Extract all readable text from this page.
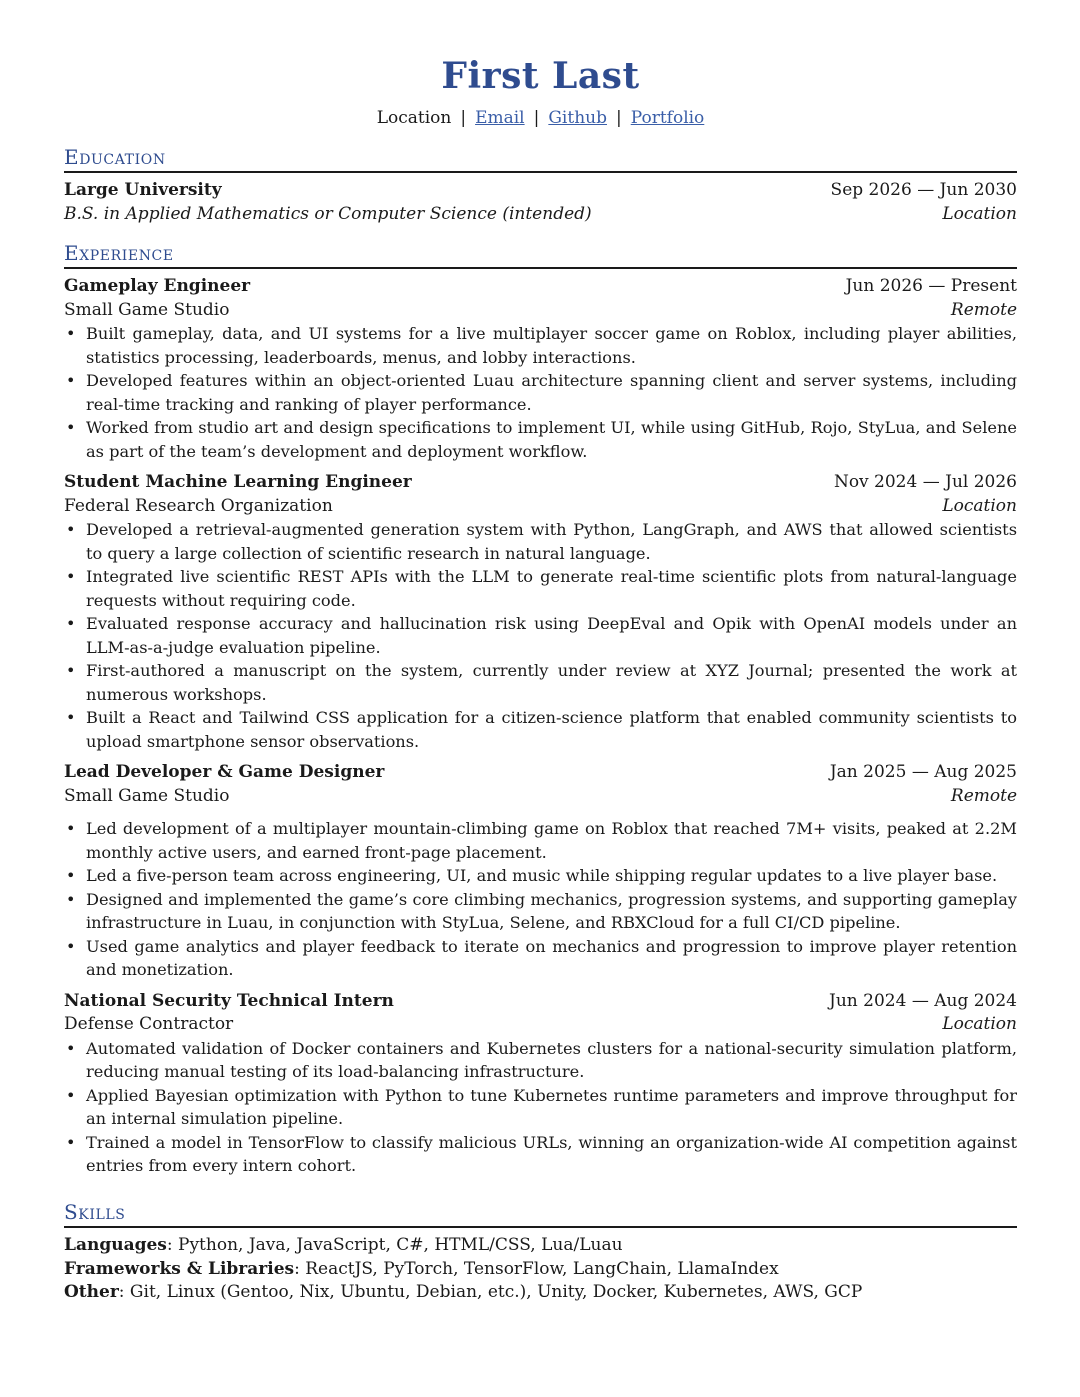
First Last
Location | Email | Github | Portfolio
Education
Large University	Sep 2026 — Jun 2030
B.S. in Applied Mathematics or Computer Science (intended)	Location
Experience
Gameplay Engineer	Jun 2026 — Present
Small Game Studio	Remote
• Built gameplay, data, and UI systems for a live multiplayer soccer game on Roblox, including player abilities, statistics processing, leaderboards, menus, and lobby interactions.
• Developed features within an object-oriented Luau architecture spanning client and server systems, including real-time tracking and ranking of player performance.
• Worked from studio art and design specifications to implement UI, while using GitHub, Rojo, StyLua, and Selene as part of the team’s development and deployment workflow.
Student Machine Learning Engineer	Nov 2024 — Jul 2026
Federal Research Organization	Location
• Developed a retrieval-augmented generation system with Python, LangGraph, and AWS that allowed scientists to query a large collection of scientific research in natural language.
• Integrated live scientific REST APIs with the LLM to generate real-time scientific plots from natural-language requests without requiring code.
• Evaluated response accuracy and hallucination risk using DeepEval and Opik with OpenAI models under an LLM-as-a-judge evaluation pipeline.
• First-authored a manuscript on the system, currently under review at XYZ Journal; presented the work at numerous workshops.
• Built a React and Tailwind CSS application for a citizen-science platform that enabled community scientists to upload smartphone sensor observations.
Lead Developer & Game Designer	Jan 2025 — Aug 2025
Small Game Studio	Remote
• Led development of a multiplayer mountain-climbing game on Roblox that reached 7M+ visits, peaked at 2.2M monthly active users, and earned front-page placement.
• Led a five-person team across engineering, UI, and music while shipping regular updates to a live player base.
• Designed and implemented the game’s core climbing mechanics, progression systems, and supporting gameplay infrastructure in Luau, in conjunction with StyLua, Selene, and RBXCloud for a full CI/CD pipeline.
• Used game analytics and player feedback to iterate on mechanics and progression to improve player retention and monetization.
National Security Technical Intern	Jun 2024 — Aug 2024
Defense Contractor	Location
• Automated validation of Docker containers and Kubernetes clusters for a national-security simulation platform, reducing manual testing of its load-balancing infrastructure.
• Applied Bayesian optimization with Python to tune Kubernetes runtime parameters and improve throughput for an internal simulation pipeline.
• Trained a model in TensorFlow to classify malicious URLs, winning an organization-wide AI competition against entries from every intern cohort.
Skills
Languages: Python, Java, JavaScript, C#, HTML/CSS, Lua/Luau
Frameworks & Libraries: ReactJS, PyTorch, TensorFlow, LangChain, LlamaIndex
Other: Git, Linux (Gentoo, Nix, Ubuntu, Debian, etc.), Unity, Docker, Kubernetes, AWS, GCP
